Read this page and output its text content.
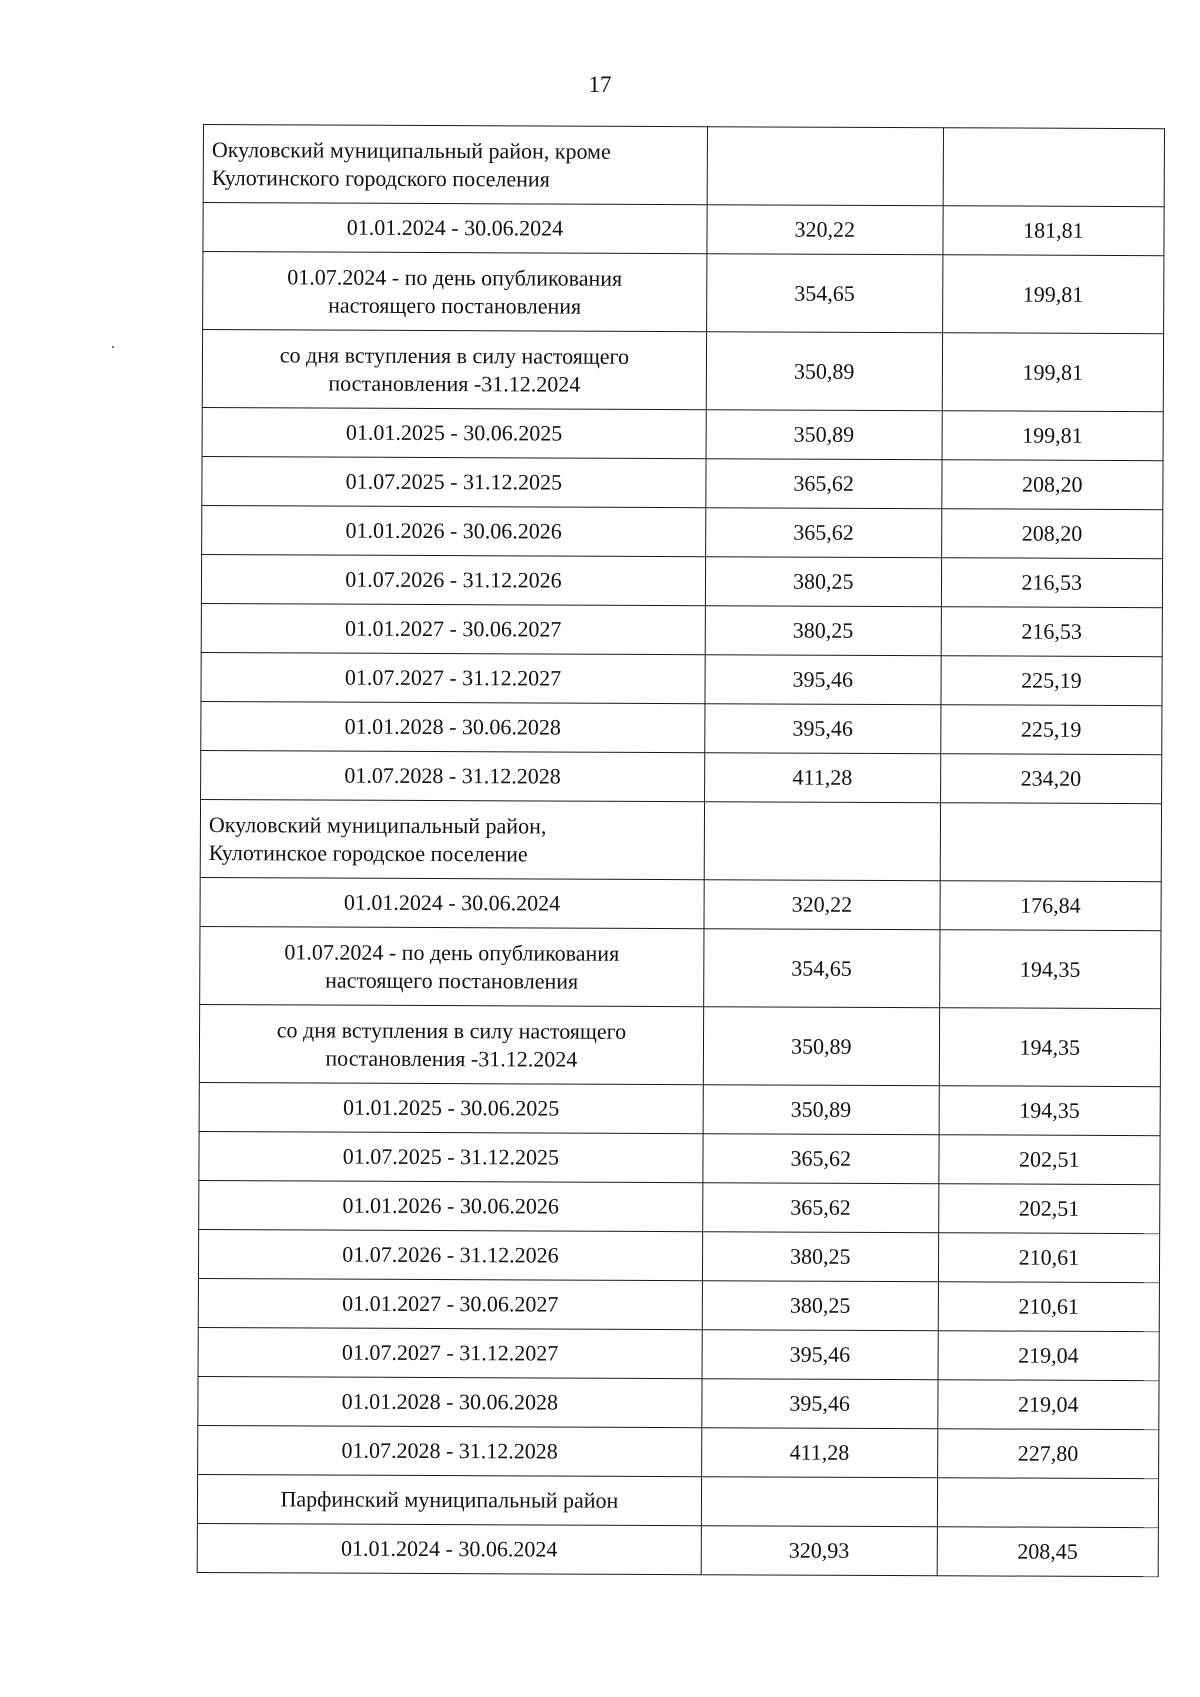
17
Окуловский муниципальный район, кроме
Кулотинского городского поселения		

01.01.2024 - 30.06.2024	320,22	181,81

01.07.2024 - по день опубликования
настоящего постановления	354,65	199,81

со дня вступления в силу настоящего
постановления -31.12.2024	350,89	199,81

01.01.2025 - 30.06.2025	350,89	199,81

01.07.2025 - 31.12.2025	365,62	208,20

01.01.2026 - 30.06.2026	365,62	208,20

01.07.2026 - 31.12.2026	380,25	216,53

01.01.2027 - 30.06.2027	380,25	216,53

01.07.2027 - 31.12.2027	395,46	225,19

01.01.2028 - 30.06.2028	395,46	225,19

01.07.2028 - 31.12.2028	411,28	234,20

Окуловский муниципальный район,
Кулотинское городское поселение		

01.01.2024 - 30.06.2024	320,22	176,84

01.07.2024 - по день опубликования
настоящего постановления	354,65	194,35

со дня вступления в силу настоящего
постановления -31.12.2024	350,89	194,35

01.01.2025 - 30.06.2025	350,89	194,35

01.07.2025 - 31.12.2025	365,62	202,51

01.01.2026 - 30.06.2026	365,62	202,51

01.07.2026 - 31.12.2026	380,25	210,61

01.01.2027 - 30.06.2027	380,25	210,61

01.07.2027 - 31.12.2027	395,46	219,04

01.01.2028 - 30.06.2028	395,46	219,04

01.07.2028 - 31.12.2028	411,28	227,80

Парфинский муниципальный район		

01.01.2024 - 30.06.2024	320,93	208,45
